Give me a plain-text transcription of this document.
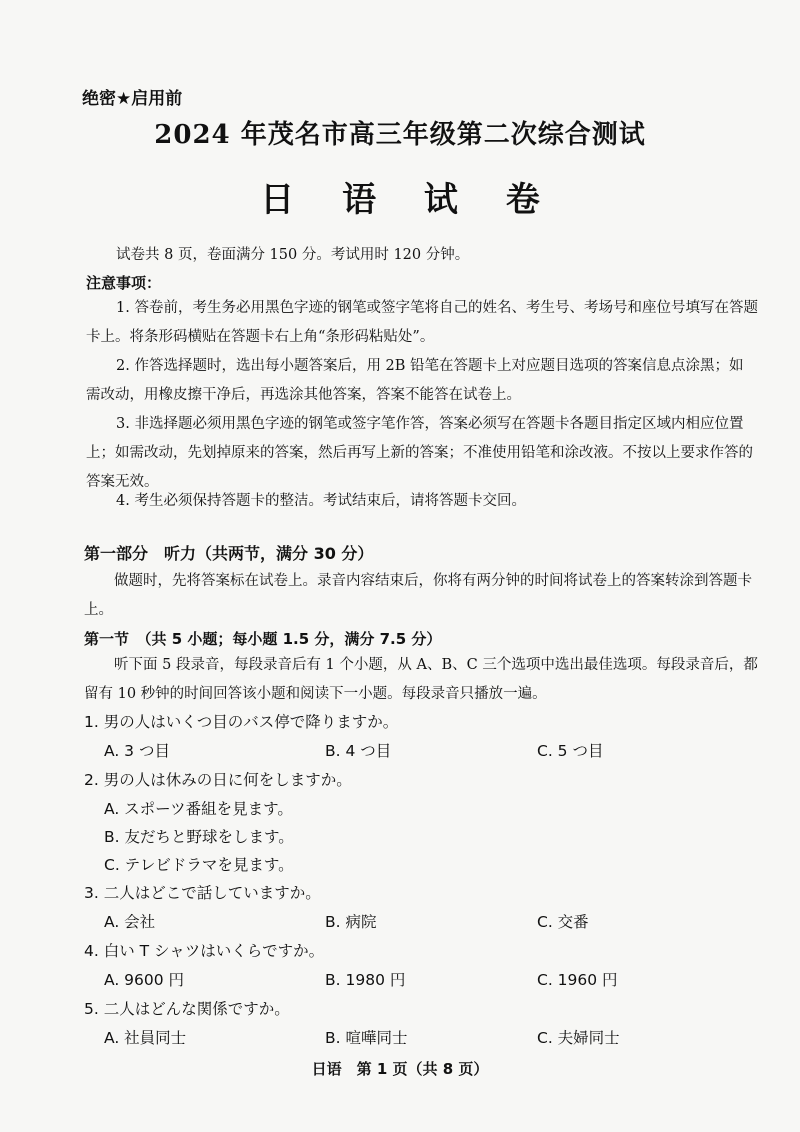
绝密★启用前
2024 年茂名市高三年级第二次综合测试
日 语 试 卷
试卷共 8 页，卷面满分 150 分。考试用时 120 分钟。
注意事项：
1. 答卷前，考生务必用黑色字迹的钢笔或签字笔将自己的姓名、考生号、考场号和座位号填写在答题卡上。将条形码横贴在答题卡右上角“条形码粘贴处”。
2. 作答选择题时，选出每小题答案后，用 2B 铅笔在答题卡上对应题目选项的答案信息点涂黑；如需改动，用橡皮擦干净后，再选涂其他答案，答案不能答在试卷上。
3. 非选择题必须用黑色字迹的钢笔或签字笔作答，答案必须写在答题卡各题目指定区域内相应位置上；如需改动，先划掉原来的答案，然后再写上新的答案；不准使用铅笔和涂改液。不按以上要求作答的答案无效。
4. 考生必须保持答题卡的整洁。考试结束后，请将答题卡交回。
第一部分　听力（共两节，满分 30 分）
做题时，先将答案标在试卷上。录音内容结束后，你将有两分钟的时间将试卷上的答案转涂到答题卡上。
第一节　（共 5 小题；每小题 1.5 分，满分 7.5 分）
听下面 5 段录音，每段录音后有 1 个小题，从 A、B、C 三个选项中选出最佳选项。每段录音后，都留有 10 秒钟的时间回答该小题和阅读下一小题。每段录音只播放一遍。
1. 男の人はいくつ目のバス停で降りますか。
A. 3 つ目	B. 4 つ目	C. 5 つ目
2. 男の人は休みの日に何をしますか。
A. スポーツ番組を見ます。
B. 友だちと野球をします。
C. テレビドラマを見ます。
3. 二人はどこで話していますか。
A. 会社	B. 病院	C. 交番
4. 白い T シャツはいくらですか。
A. 9600 円	B. 1980 円	C. 1960 円
5. 二人はどんな関係ですか。
A. 社員同士	B. 喧嘩同士	C. 夫婦同士
日语　第 1 页（共 8 页）
